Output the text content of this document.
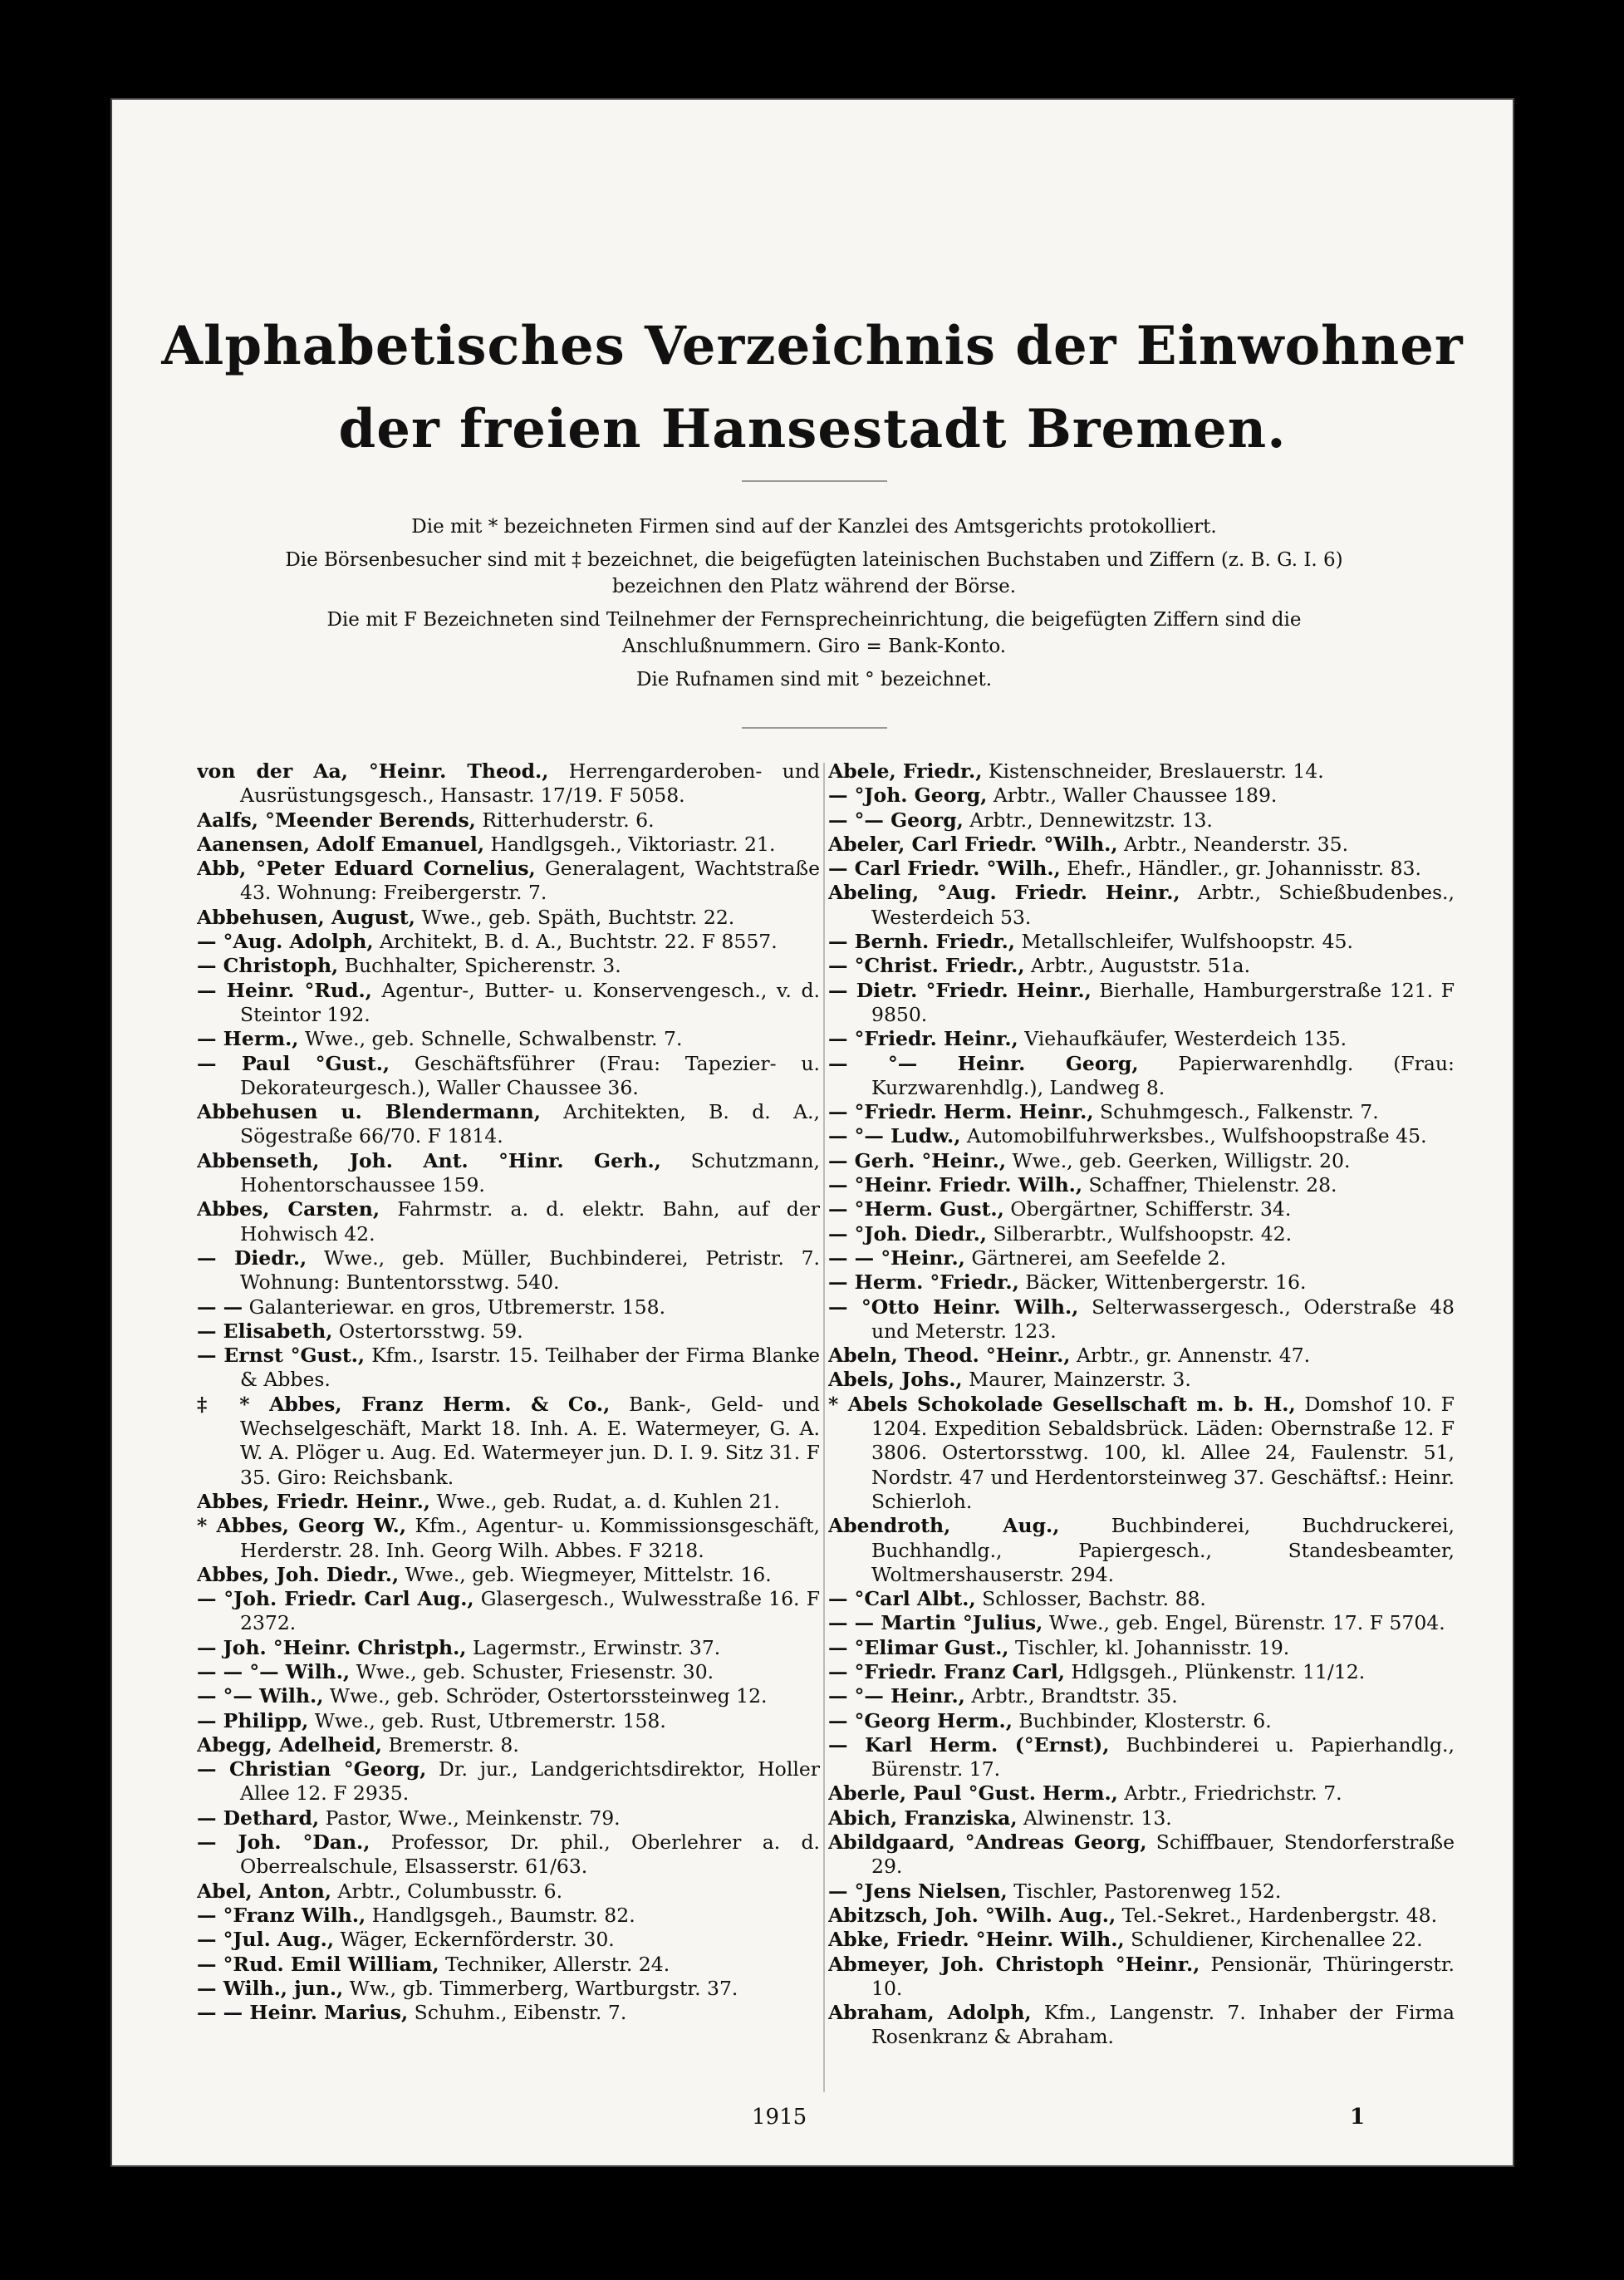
Alphabetisches Verzeichnis der Einwohner
der freien Hansestadt Bremen.

Die mit * bezeichneten Firmen sind auf der Kanzlei des Amtsgerichts protokolliert.

Die Börsenbesucher sind mit ‡ bezeichnet, die beigefügten lateinischen Buchstaben und Ziffern (z. B. G. I. 6) bezeichnen den Platz während der Börse.

Die mit F Bezeichneten sind Teilnehmer der Fernsprecheinrichtung, die beigefügten Ziffern sind die Anschlußnummern. Giro = Bank-Konto.

Die Rufnamen sind mit ° bezeichnet.

von der Aa, °Heinr. Theod., Herrengarderoben- und Ausrüstungsgesch., Hansastr. 17/19. F 5058.
Aalfs, °Meender Berends, Ritterhuderstr. 6.
Aanensen, Adolf Emanuel, Handlgsgeh., Viktoriastr. 21.
Abb, °Peter Eduard Cornelius, Generalagent, Wachtstraße 43. Wohnung: Freibergerstr. 7.
Abbehusen, August, Wwe., geb. Späth, Buchtstr. 22.
— °Aug. Adolph, Architekt, B. d. A., Buchtstr. 22. F 8557.
— Christoph, Buchhalter, Spicherenstr. 3.
— Heinr. °Rud., Agentur-, Butter- u. Konservengesch., v. d. Steintor 192.
— Herm., Wwe., geb. Schnelle, Schwalbenstr. 7.
— Paul °Gust., Geschäftsführer (Frau: Tapezier- u. Dekorateurgesch.), Waller Chaussee 36.
Abbehusen u. Blendermann, Architekten, B. d. A., Sögestraße 66/70. F 1814.
Abbenseth, Joh. Ant. °Hinr. Gerh., Schutzmann, Hohentorschaussee 159.
Abbes, Carsten, Fahrmstr. a. d. elektr. Bahn, auf der Hohwisch 42.
— Diedr., Wwe., geb. Müller, Buchbinderei, Petristr. 7. Wohnung: Buntentorsstwg. 540.
— — Galanteriewar. en gros, Utbremerstr. 158.
— Elisabeth, Ostertorsstwg. 59.
— Ernst °Gust., Kfm., Isarstr. 15. Teilhaber der Firma Blanke & Abbes.
‡ * Abbes, Franz Herm. & Co., Bank-, Geld- und Wechselgeschäft, Markt 18. Inh. A. E. Watermeyer, G. A. W. A. Plöger u. Aug. Ed. Watermeyer jun. D. I. 9. Sitz 31. F 35. Giro: Reichsbank.
Abbes, Friedr. Heinr., Wwe., geb. Rudat, a. d. Kuhlen 21.
* Abbes, Georg W., Kfm., Agentur- u. Kommissionsgeschäft, Herderstr. 28. Inh. Georg Wilh. Abbes. F 3218.
Abbes, Joh. Diedr., Wwe., geb. Wiegmeyer, Mittelstr. 16.
— °Joh. Friedr. Carl Aug., Glasergesch., Wulwesstraße 16. F 2372.
— Joh. °Heinr. Christph., Lagermstr., Erwinstr. 37.
— — °— Wilh., Wwe., geb. Schuster, Friesenstr. 30.
— °— Wilh., Wwe., geb. Schröder, Ostertorssteinweg 12.
— Philipp, Wwe., geb. Rust, Utbremerstr. 158.
Abegg, Adelheid, Bremerstr. 8.
— Christian °Georg, Dr. jur., Landgerichtsdirektor, Holler Allee 12. F 2935.
— Dethard, Pastor, Wwe., Meinkenstr. 79.
— Joh. °Dan., Professor, Dr. phil., Oberlehrer a. d. Oberrealschule, Elsasserstr. 61/63.
Abel, Anton, Arbtr., Columbusstr. 6.
— °Franz Wilh., Handlgsgeh., Baumstr. 82.
— °Jul. Aug., Wäger, Eckernförderstr. 30.
— °Rud. Emil William, Techniker, Allerstr. 24.
— Wilh., jun., Ww., gb. Timmerberg, Wartburgstr. 37.
— — Heinr. Marius, Schuhm., Eibenstr. 7.
Abele, Friedr., Kistenschneider, Breslauerstr. 14.
— °Joh. Georg, Arbtr., Waller Chaussee 189.
— °— Georg, Arbtr., Dennewitzstr. 13.
Abeler, Carl Friedr. °Wilh., Arbtr., Neanderstr. 35.
— Carl Friedr. °Wilh., Ehefr., Händler., gr. Johannisstr. 83.
Abeling, °Aug. Friedr. Heinr., Arbtr., Schießbudenbes., Westerdeich 53.
— Bernh. Friedr., Metallschleifer, Wulfshoopstr. 45.
— °Christ. Friedr., Arbtr., Auguststr. 51a.
— Dietr. °Friedr. Heinr., Bierhalle, Hamburgerstraße 121. F 9850.
— °Friedr. Heinr., Viehaufkäufer, Westerdeich 135.
— °— Heinr. Georg, Papierwarenhdlg. (Frau: Kurzwarenhdlg.), Landweg 8.
— °Friedr. Herm. Heinr., Schuhmgesch., Falkenstr. 7.
— °— Ludw., Automobilfuhrwerksbes., Wulfshoopstraße 45.
— Gerh. °Heinr., Wwe., geb. Geerken, Willigstr. 20.
— °Heinr. Friedr. Wilh., Schaffner, Thielenstr. 28.
— °Herm. Gust., Obergärtner, Schifferstr. 34.
— °Joh. Diedr., Silberarbtr., Wulfshoopstr. 42.
— — °Heinr., Gärtnerei, am Seefelde 2.
— Herm. °Friedr., Bäcker, Wittenbergerstr. 16.
— °Otto Heinr. Wilh., Selterwassergesch., Oderstraße 48 und Meterstr. 123.
Abeln, Theod. °Heinr., Arbtr., gr. Annenstr. 47.
Abels, Johs., Maurer, Mainzerstr. 3.
* Abels Schokolade Gesellschaft m. b. H., Domshof 10. F 1204. Expedition Sebaldsbrück. Läden: Obernstraße 12. F 3806. Ostertorsstwg. 100, kl. Allee 24, Faulenstr. 51, Nordstr. 47 und Herdentorsteinweg 37. Geschäftsf.: Heinr. Schierloh.
Abendroth, Aug.,	Buchbinderei, Buchdruckerei, Buchhandlg., Papiergesch., Standesbeamter, Woltmershauserstr. 294.
— °Carl Albt., Schlosser, Bachstr. 88.
— — Martin °Julius, Wwe., geb. Engel, Bürenstr. 17. F 5704.
— °Elimar Gust., Tischler, kl. Johannisstr. 19.
— °Friedr. Franz Carl, Hdlgsgeh., Plünkenstr. 11/12.
— °— Heinr., Arbtr., Brandtstr. 35.
— °Georg Herm., Buchbinder, Klosterstr. 6.
— Karl Herm. (°Ernst), Buchbinderei u. Papierhandlg., Bürenstr. 17.
Aberle, Paul °Gust. Herm., Arbtr., Friedrichstr. 7.
Abich, Franziska, Alwinenstr. 13.
Abildgaard, °Andreas Georg, Schiffbauer, Stendorferstraße 29.
— °Jens Nielsen, Tischler, Pastorenweg 152.
Abitzsch, Joh. °Wilh. Aug., Tel.-Sekret., Hardenbergstr. 48.
Abke, Friedr. °Heinr. Wilh., Schuldiener, Kirchenallee 22.
Abmeyer, Joh. Christoph °Heinr., Pensionär, Thüringerstr. 10.
Abraham, Adolph, Kfm., Langenstr. 7. Inhaber der Firma Rosenkranz & Abraham.
1915	1
